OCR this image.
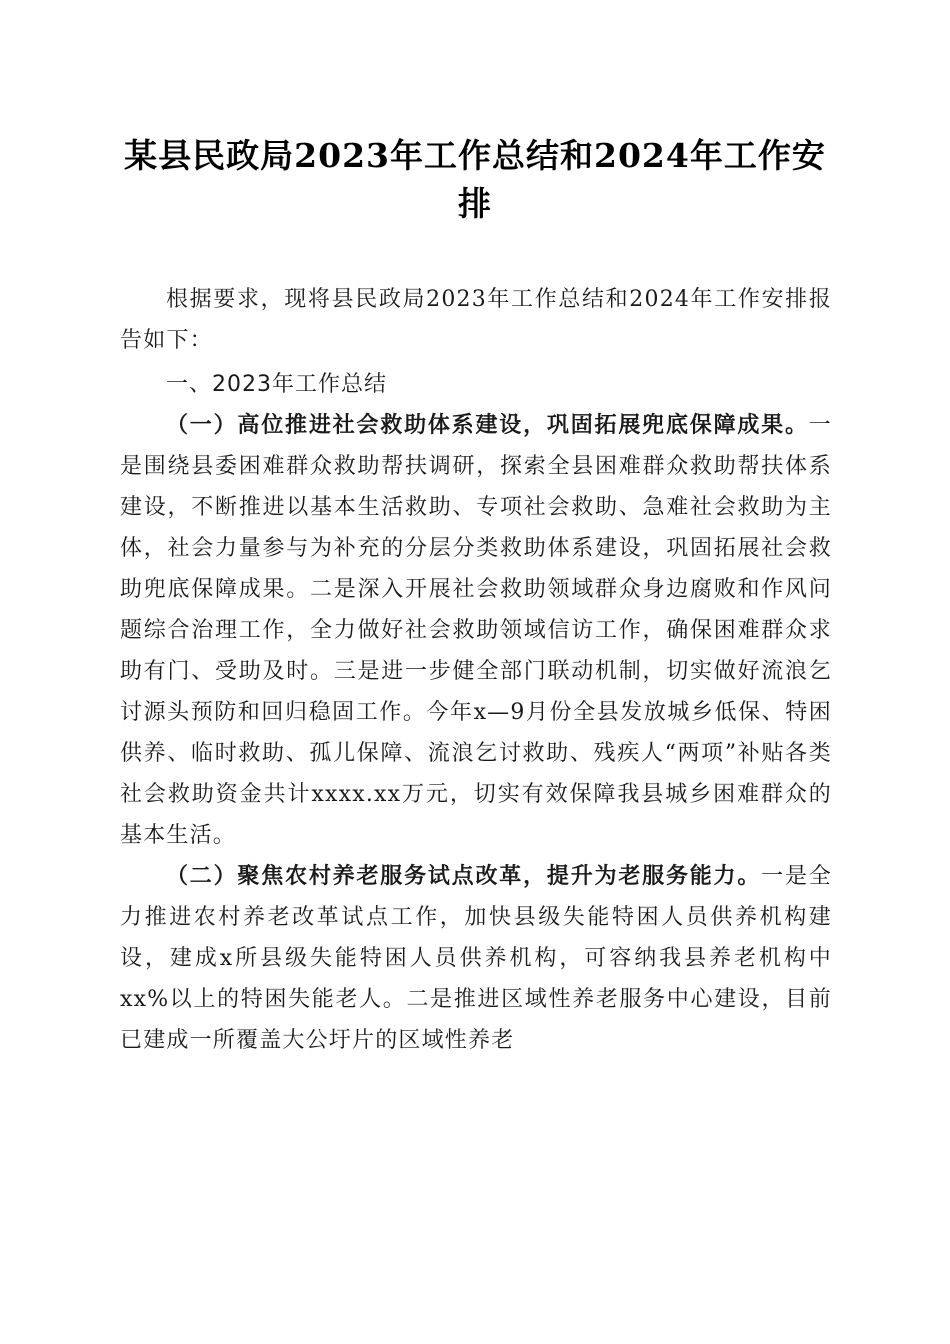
某县民政局2023年工作总结和2024年工作安排

根据要求，现将县民政局2023年工作总结和2024年工作安排报告如下：

一、2023年工作总结

（一）高位推进社会救助体系建设，巩固拓展兜底保障成果。一是围绕县委困难群众救助帮扶调研，探索全县困难群众救助帮扶体系建设，不断推进以基本生活救助、专项社会救助、急难社会救助为主体，社会力量参与为补充的分层分类救助体系建设，巩固拓展社会救助兜底保障成果。二是深入开展社会救助领域群众身边腐败和作风问题综合治理工作，全力做好社会救助领域信访工作，确保困难群众求助有门、受助及时。三是进一步健全部门联动机制，切实做好流浪乞讨源头预防和回归稳固工作。今年x—9月份全县发放城乡低保、特困供养、临时救助、孤儿保障、流浪乞讨救助、残疾人“两项”补贴各类社会救助资金共计xxxx.xx万元，切实有效保障我县城乡困难群众的基本生活。

（二）聚焦农村养老服务试点改革，提升为老服务能力。一是全力推进农村养老改革试点工作，加快县级失能特困人员供养机构建设，建成x所县级失能特困人员供养机构，可容纳我县养老机构中xx%以上的特困失能老人。二是推进区域性养老服务中心建设，目前已建成一所覆盖大公圩片的区域性养老
